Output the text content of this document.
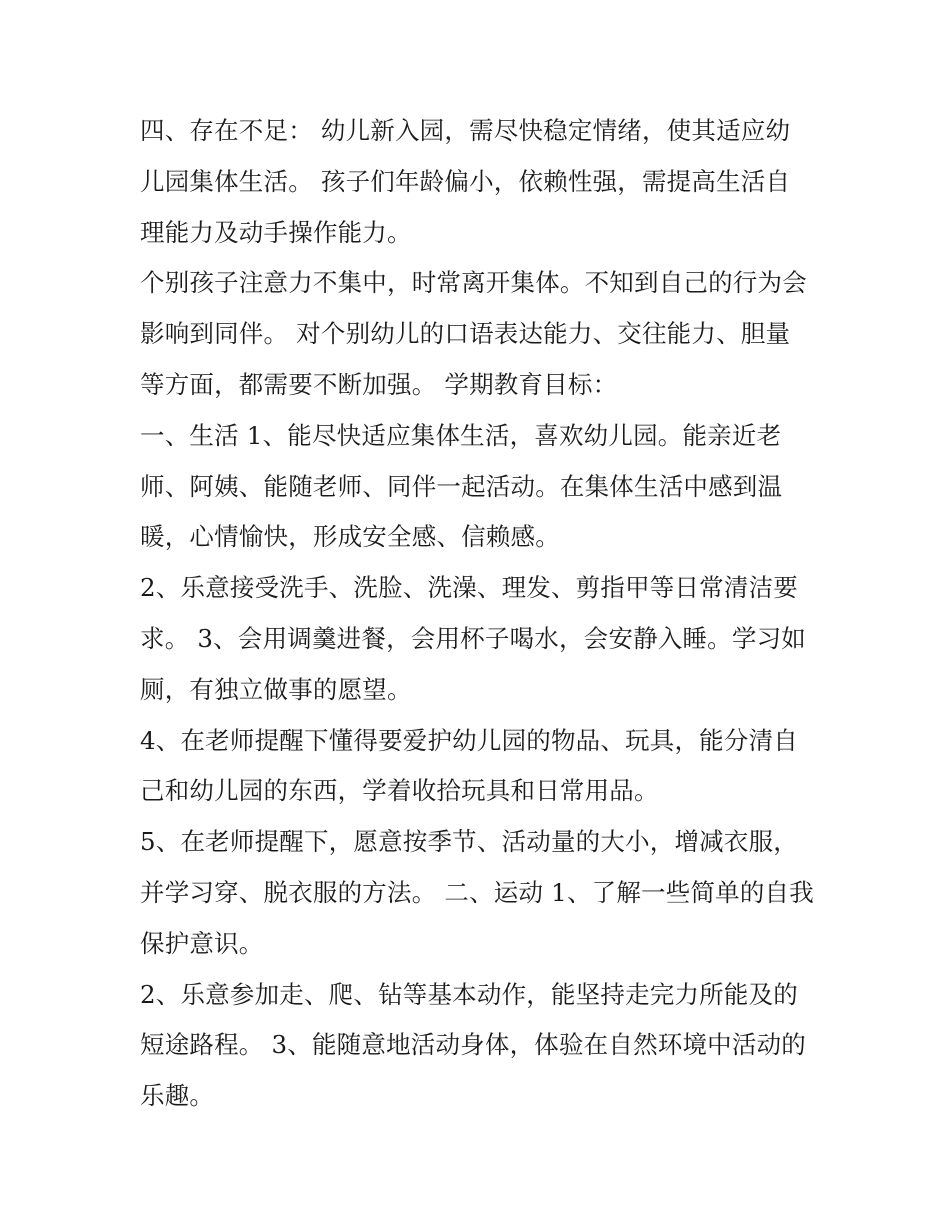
四、存在不足： 幼儿新入园，需尽快稳定情绪，使其适应幼
儿园集体生活。 孩子们年龄偏小，依赖性强，需提高生活自
理能力及动手操作能力。

个别孩子注意力不集中，时常离开集体。不知到自己的行为会
影响到同伴。 对个别幼儿的口语表达能力、交往能力、胆量
等方面，都需要不断加强。 学期教育目标：

一、生活 1、能尽快适应集体生活，喜欢幼儿园。能亲近老
师、阿姨、能随老师、同伴一起活动。在集体生活中感到温
暖，心情愉快，形成安全感、信赖感。

2、乐意接受洗手、洗脸、洗澡、理发、剪指甲等日常清洁要
求。 3、会用调羹进餐，会用杯子喝水，会安静入睡。学习如
厕，有独立做事的愿望。

4、在老师提醒下懂得要爱护幼儿园的物品、玩具，能分清自
己和幼儿园的东西，学着收拾玩具和日常用品。

5、在老师提醒下，愿意按季节、活动量的大小，增减衣服，
并学习穿、脱衣服的方法。 二、运动 1、了解一些简单的自我
保护意识。

2、乐意参加走、爬、钻等基本动作，能坚持走完力所能及的
短途路程。 3、能随意地活动身体，体验在自然环境中活动的
乐趣。
